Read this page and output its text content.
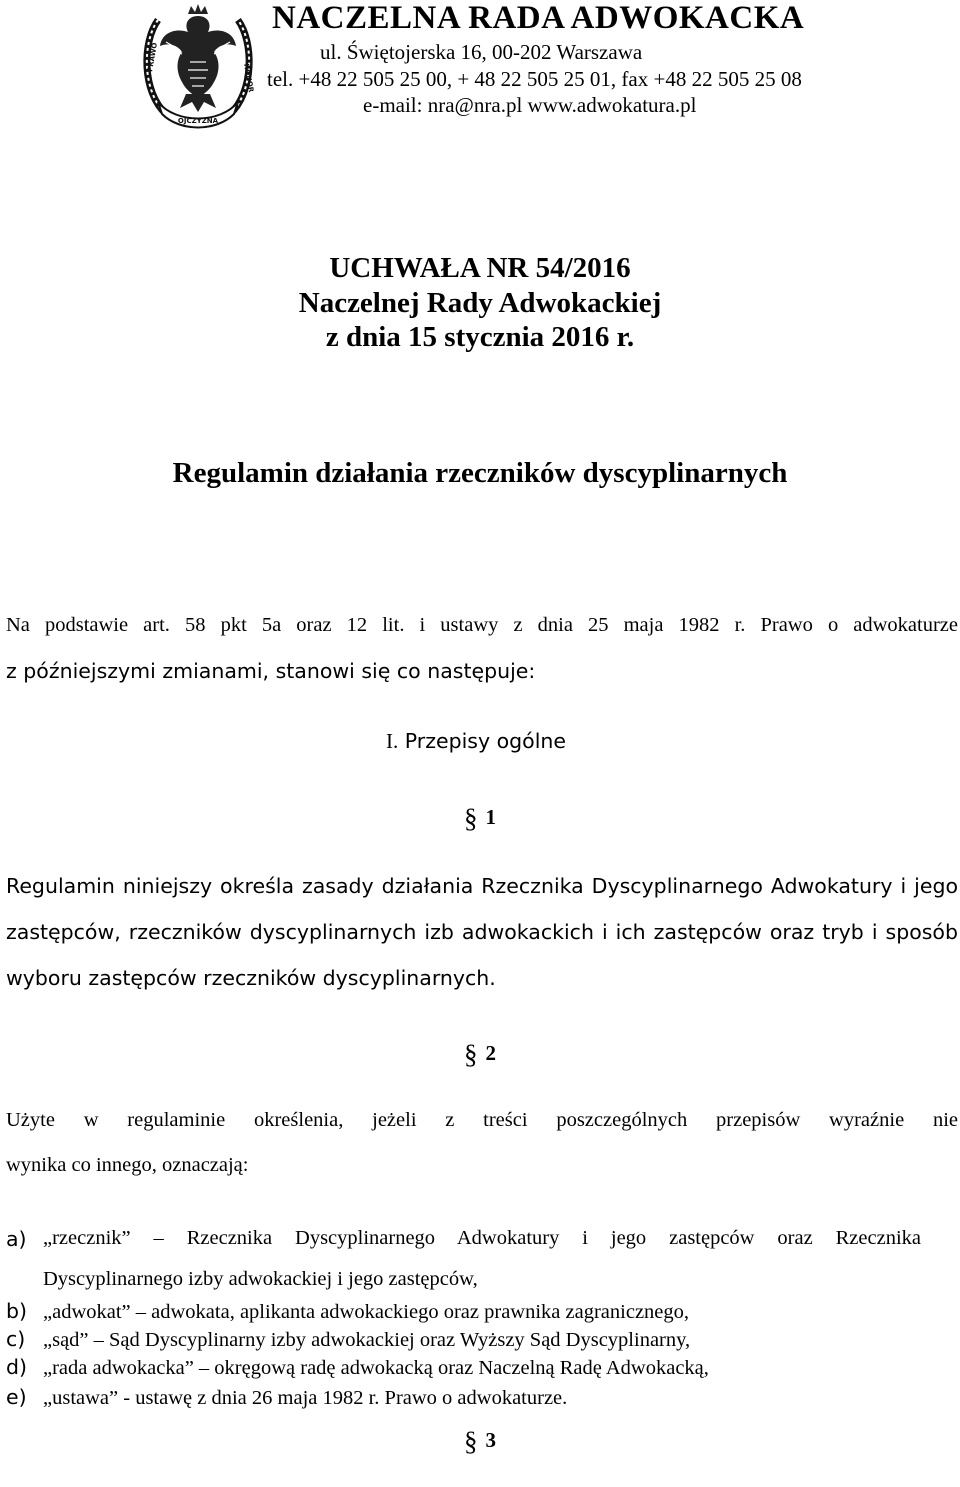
OJCZYZNA
PRAWO
HONOR
NACZELNA RADA ADWOKACKA
ul. Świętojerska 16, 00-202 Warszawa
tel. +48 22 505 25 00, + 48 22 505 25 01, fax +48 22 505 25 08
e-mail: nra@nra.pl www.adwokatura.pl
UCHWAŁA NR 54/2016
Naczelnej Rady Adwokackiej
z dnia 15 stycznia 2016 r.
Regulamin działania rzeczników dyscyplinarnych
Na podstawie art. 58 pkt 5a oraz 12 lit. i ustawy z dnia 25 maja 1982 r. Prawo o adwokaturze
z późniejszymi zmianami, stanowi się co następuje:
I. Przepisy ogólne
§ 1
Regulamin niniejszy określa zasady działania Rzecznika Dyscyplinarnego Adwokatury i jego
zastępców, rzeczników dyscyplinarnych izb adwokackich i ich zastępców oraz tryb i sposób
wyboru zastępców rzeczników dyscyplinarnych.
§ 2
Użyte w regulaminie określenia, jeżeli z treści poszczególnych przepisów wyraźnie nie
wynika co innego, oznaczają:
a) „rzecznik” – Rzecznika Dyscyplinarnego Adwokatury i jego zastępców oraz Rzecznika
Dyscyplinarnego izby adwokackiej i jego zastępców,
b) „adwokat” – adwokata, aplikanta adwokackiego oraz prawnika zagranicznego,
c) „sąd” – Sąd Dyscyplinarny izby adwokackiej oraz Wyższy Sąd Dyscyplinarny,
d) „rada adwokacka” – okręgową radę adwokacką oraz Naczelną Radę Adwokacką,
e) „ustawa” - ustawę z dnia 26 maja 1982 r. Prawo o adwokaturze.
§ 3
